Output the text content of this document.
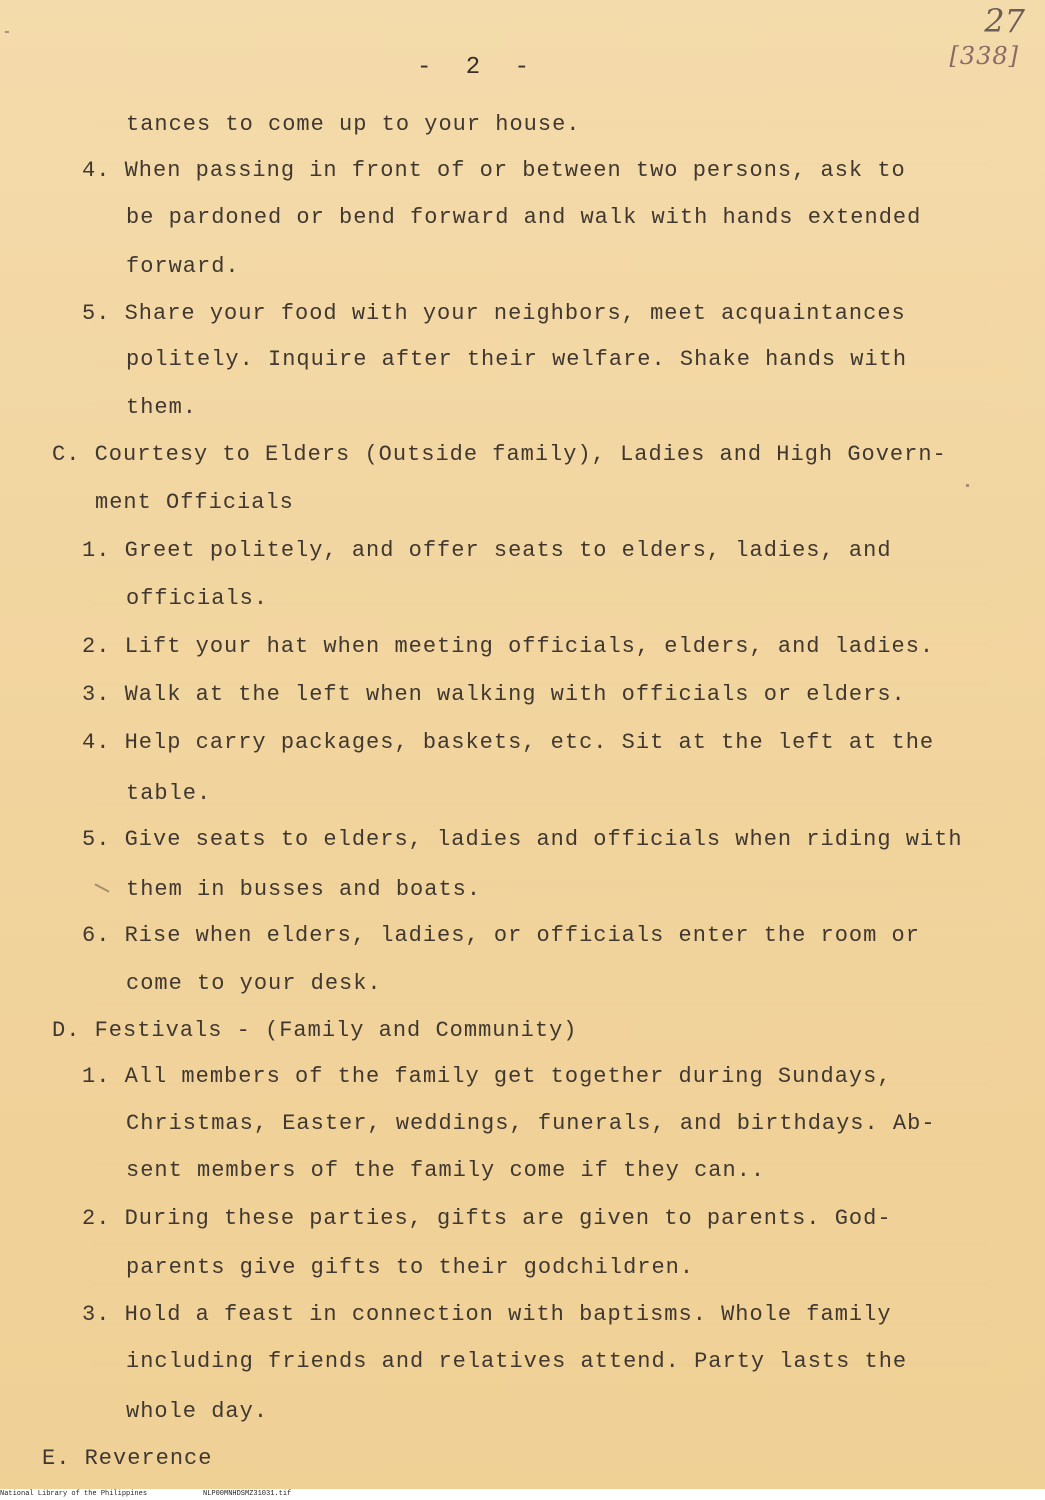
27
[338]
- 2 -
tances to come up to your house.
4. When passing in front of or between two persons, ask to
be pardoned or bend forward and walk with hands extended
forward.
5. Share your food with your neighbors, meet acquaintances
politely. Inquire after their welfare. Shake hands with
them.
C. Courtesy to Elders (Outside family), Ladies and High Govern-
ment Officials
1. Greet politely, and offer seats to elders, ladies, and
officials.
2. Lift your hat when meeting officials, elders, and ladies.
3. Walk at the left when walking with officials or elders.
4. Help carry packages, baskets, etc. Sit at the left at the
table.
5. Give seats to elders, ladies and officials when riding with
them in busses and boats.
6. Rise when elders, ladies, or officials enter the room or
come to your desk.
D. Festivals - (Family and Community)
1. All members of the family get together during Sundays,
Christmas, Easter, weddings, funerals, and birthdays. Ab-
sent members of the family come if they can..
2. During these parties, gifts are given to parents. God-
parents give gifts to their godchildren.
3. Hold a feast in connection with baptisms. Whole family
including friends and relatives attend. Party lasts the
whole day.
E. Reverence
National Library of the Philippines	NLP00MNHDSMZ31031.tif
